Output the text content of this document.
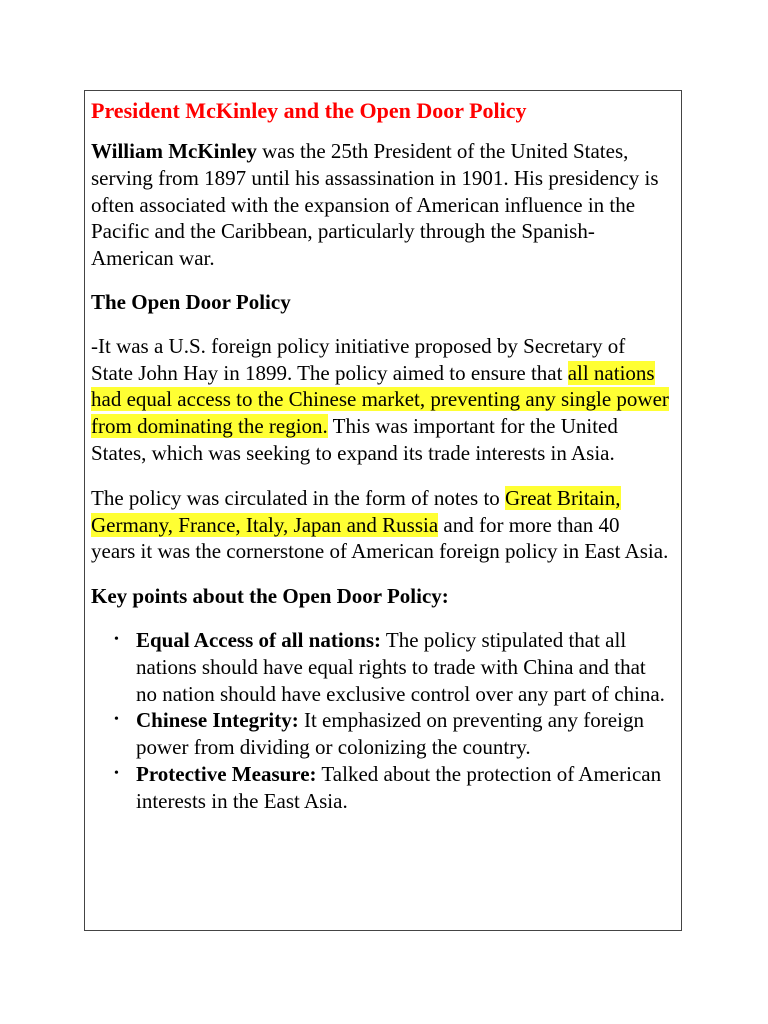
President McKinley and the Open Door Policy

William McKinley was the 25th President of the United States, serving from 1897 until his assassination in 1901. His presidency is often associated with the expansion of American influence in the Pacific and the Caribbean, particularly through the Spanish-American war.

The Open Door Policy

-It was a U.S. foreign policy initiative proposed by Secretary of State John Hay in 1899. The policy aimed to ensure that all nations had equal access to the Chinese market, preventing any single power from dominating the region. This was important for the United States, which was seeking to expand its trade interests in Asia.

The policy was circulated in the form of notes to Great Britain, Germany, France, Italy, Japan and Russia and for more than 40 years it was the cornerstone of American foreign policy in East Asia.

Key points about the Open Door Policy:

• Equal Access of all nations: The policy stipulated that all nations should have equal rights to trade with China and that no nation should have exclusive control over any part of china.
• Chinese Integrity: It emphasized on preventing any foreign power from dividing or colonizing the country.
• Protective Measure: Talked about the protection of American interests in the East Asia.
